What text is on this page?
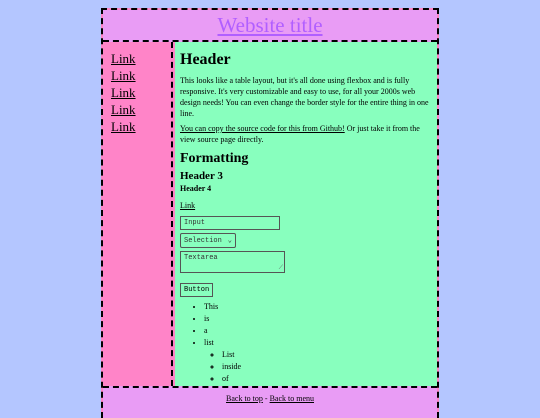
Website title
Link
Link
Link
Link
Link
Header

This looks like a table layout, but it's all done using flexbox and is fully responsive. It's very customizable and easy to use, for all your 2000s web design needs! You can even change the border style for the entire thing in one line.

You can copy the source code for this from Github! Or just take it from the view source page directly.

Formatting
Header 3
Header 4
Link
Input
Selection ⌄
Textarea
⟋
Button
• This
• is
• a
• list
◦ List
◦ inside
◦ of
◦
Back to top - Back to menu
